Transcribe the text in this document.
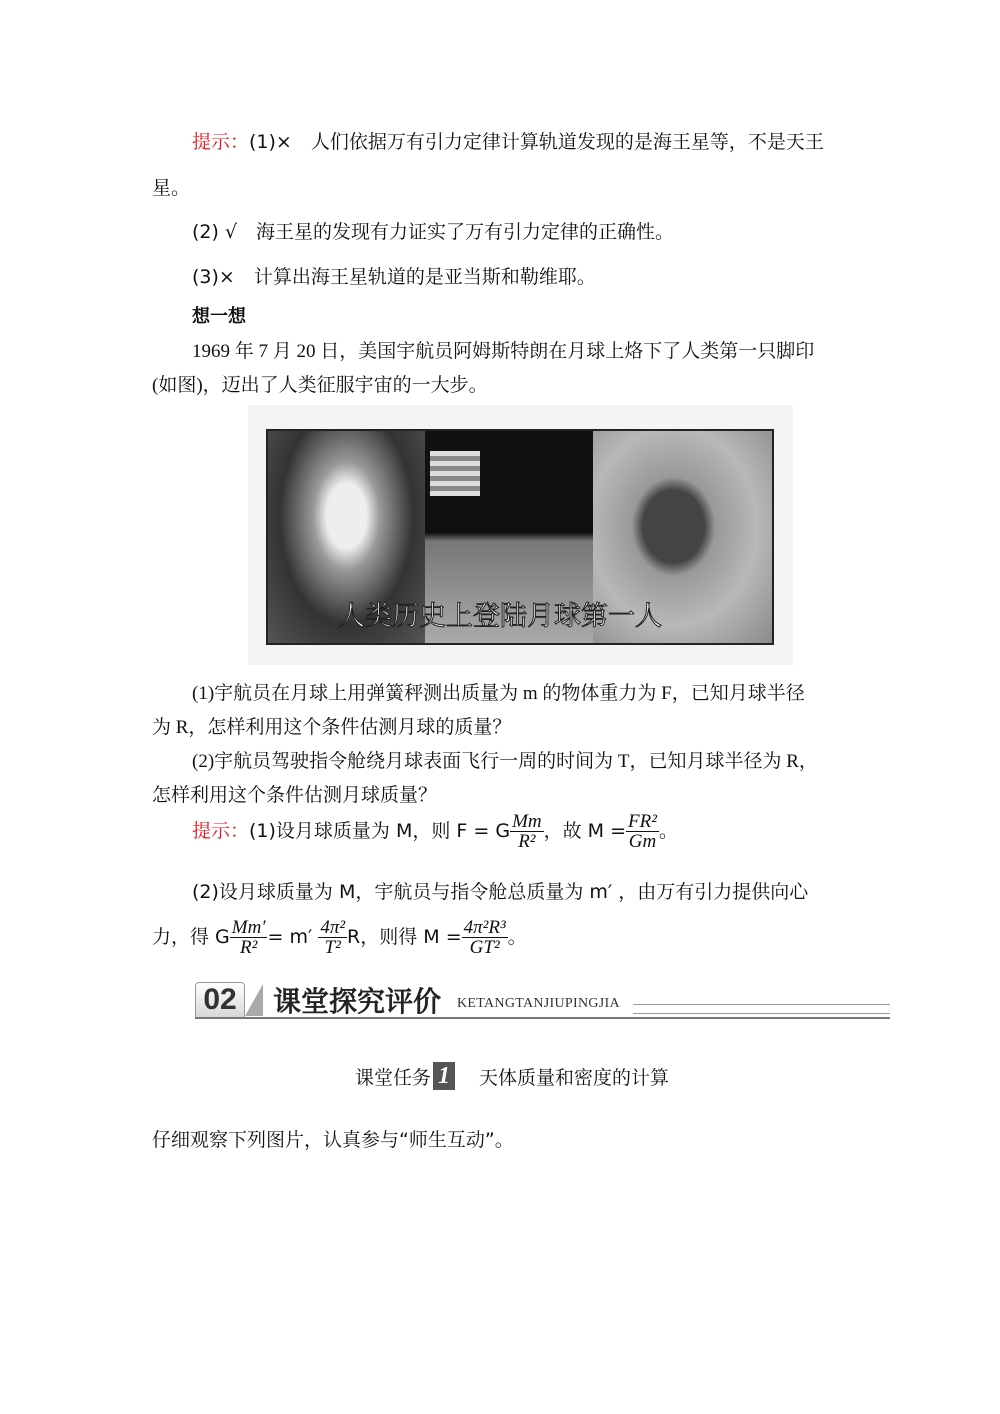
提示：(1)×　人们依据万有引力定律计算轨道发现的是海王星等，不是天王
星。
(2) √　海王星的发现有力证实了万有引力定律的正确性。
(3)×　计算出海王星轨道的是亚当斯和勒维耶。
想一想
1969 年 7 月 20 日，美国宇航员阿姆斯特朗在月球上烙下了人类第一只脚印
(如图)，迈出了人类征服宇宙的一大步。
人类历史上登陆月球第一人
(1)宇航员在月球上用弹簧秤测出质量为 m 的物体重力为 F，已知月球半径
为 R，怎样利用这个条件估测月球的质量？
(2)宇航员驾驶指令舱绕月球表面飞行一周的时间为 T，已知月球半径为 R，
怎样利用这个条件估测月球质量？
提示：(1)设月球质量为 M，则 F = G $\frac{Mm}{\text{R²}}$ ，故 $M = \frac{\text{FR²}}{Gm}$ 。
(2)设月球质量为 M，宇航员与指令舱总质量为 m′ ，由万有引力提供向心
力，得 G $\frac{Mm'}{\text{R²}} = m' \frac{\text{4π²}}{\text{T²}}$ R，则得 $M = \frac{\text{4π²R³}}{\text{GT²}}$ 。
02 课堂探究评价 KETANGTANJIUPINGJIA
课堂任务 1 天体质量和密度的计算
仔细观察下列图片，认真参与“师生互动”。
